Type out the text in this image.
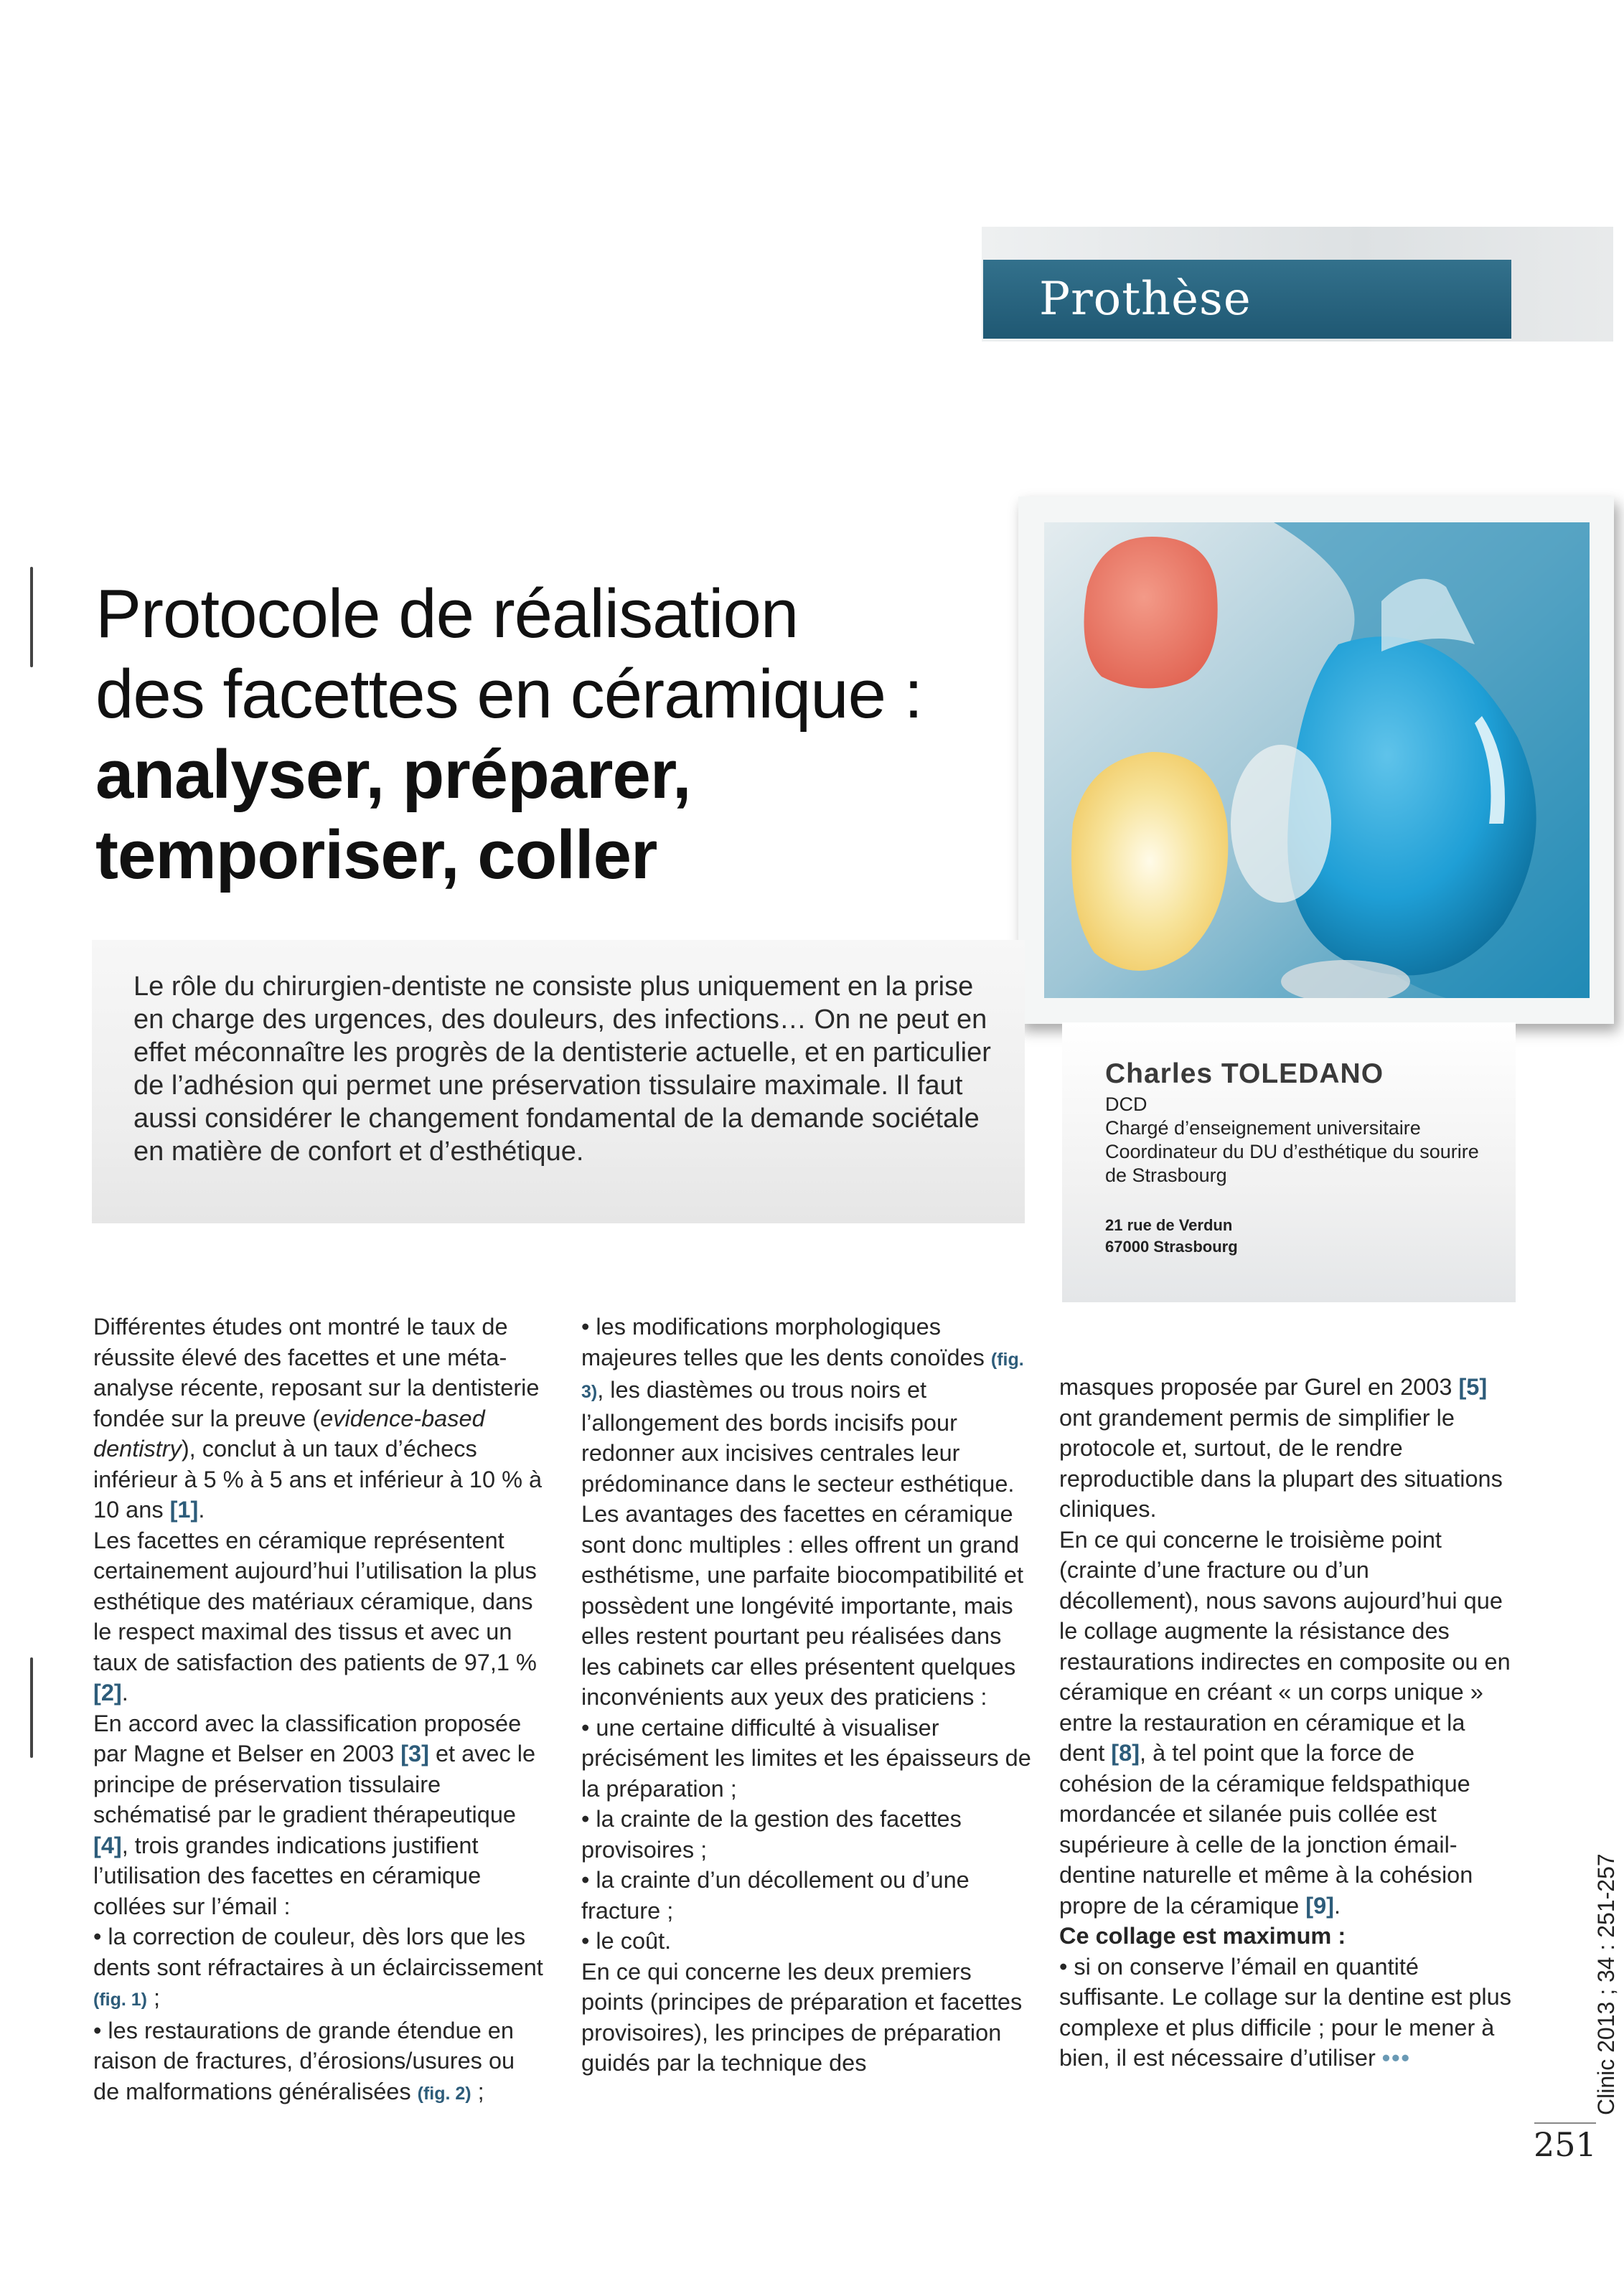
Prothèse esthétique
Protocole de réalisation
des facettes en céramique :
analyser, préparer,
temporiser, coller
Le rôle du chirurgien-dentiste ne consiste plus uniquement en la prise en charge des urgences, des douleurs, des infections… On ne peut en effet méconnaître les progrès de la dentisterie actuelle, et en particulier de l’adhésion qui permet une préservation tissulaire maximale. Il faut aussi considérer le changement fondamental de la demande sociétale en matière de confort et d’esthétique.
Charles TOLEDANO
DCD
Chargé d’enseignement universitaire
Coordinateur du DU d’esthétique du sourire de Strasbourg
21 rue de Verdun
67000 Strasbourg

Différentes études ont montré le taux de réussite élevé des facettes et une méta-analyse récente, reposant sur la dentisterie fondée sur la preuve (evidence-based dentistry), conclut à un taux d’échecs inférieur à 5 % à 5 ans et inférieur à 10 % à 10 ans [1].

Les facettes en céramique représentent certainement aujourd’hui l’utilisation la plus esthétique des matériaux céramique, dans le respect maximal des tissus et avec un taux de satisfaction des patients de 97,1 % [2].

En accord avec la classification proposée par Magne et Belser en 2003 [3] et avec le principe de préservation tissulaire schématisé par le gradient thérapeutique [4], trois grandes indications justifient l’utilisation des facettes en céramique collées sur l’émail :

• la correction de couleur, dès lors que les dents sont réfractaires à un éclaircissement (fig. 1) ;

• les restaurations de grande étendue en raison de fractures, d’érosions/usures ou de malformations généralisées (fig. 2) ;

• les modifications morphologiques majeures telles que les dents conoïdes (fig. 3), les diastèmes ou trous noirs et l’allongement des bords incisifs pour redonner aux incisives centrales leur prédominance dans le secteur esthétique.

Les avantages des facettes en céramique sont donc multiples : elles offrent un grand esthétisme, une parfaite biocompatibilité et possèdent une longévité importante, mais elles restent pourtant peu réalisées dans les cabinets car elles présentent quelques inconvénients aux yeux des praticiens :

• une certaine difficulté à visualiser précisément les limites et les épaisseurs de la préparation ;

• la crainte de la gestion des facettes provisoires ;

• la crainte d’un décollement ou d’une fracture ;

• le coût.

En ce qui concerne les deux premiers points (principes de préparation et facettes provisoires), les principes de préparation guidés par la technique des

masques proposée par Gurel en 2003 [5] ont grandement permis de simplifier le protocole et, surtout, de le rendre reproductible dans la plupart des situations cliniques.

En ce qui concerne le troisième point (crainte d’une fracture ou d’un décollement), nous savons aujourd’hui que le collage augmente la résistance des restaurations indirectes en composite ou en céramique en créant « un corps unique » entre la restauration en céramique et la dent [8], à tel point que la force de cohésion de la céramique feldspathique mordancée et silanée puis collée est supérieure à celle de la jonction émail-dentine naturelle et même à la cohésion propre de la céramique [9].

Ce collage est maximum :

• si on conserve l’émail en quantité suffisante. Le collage sur la dentine est plus complexe et plus difficile ; pour le mener à bien, il est nécessaire d’utiliser •••	Clinic 2013 ; 34 : 251-257
251
